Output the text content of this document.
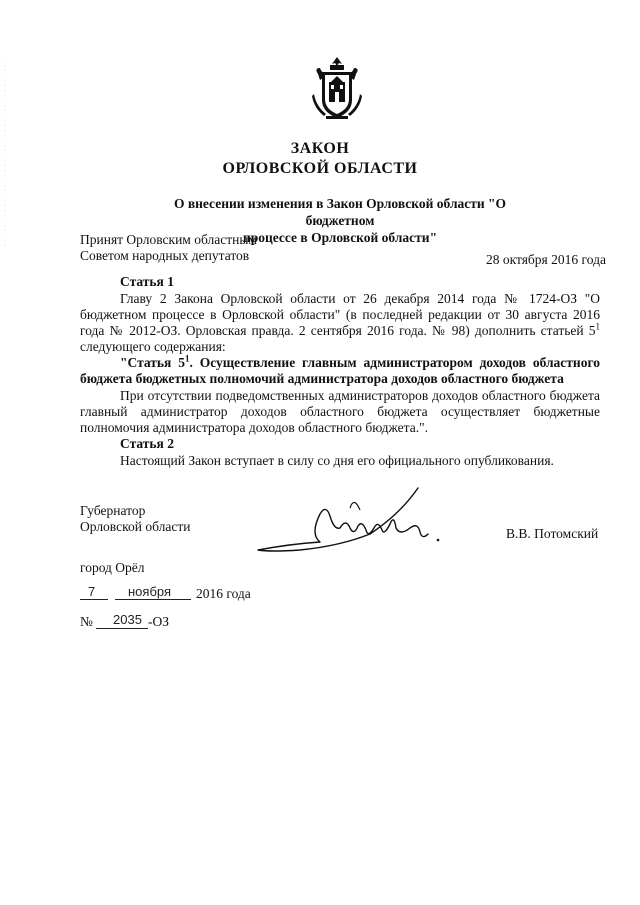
ЗАКОН
ОРЛОВСКОЙ ОБЛАСТИ
О внесении изменения в Закон Орловской области "О бюджетном
процессе в Орловской области"
Принят Орловским областным
Советом народных депутатов	28 октября 2016 года
Статья 1
Главу 2 Закона Орловской области от 26 декабря 2014 года № 1724-ОЗ "О бюджетном процессе в Орловской области" (в последней редакции от 30 августа 2016 года № 2012-ОЗ. Орловская правда. 2 сентября 2016 года. № 98) дополнить статьей $5^1$ следующего содержания:
"Статья $5^1$. Осуществление главным администратором доходов областного бюджета бюджетных полномочий администратора доходов областного бюджета
При отсутствии подведомственных администраторов доходов областного бюджета главный администратор доходов областного бюджета осуществляет бюджетные полномочия администратора доходов областного бюджета.".
Статья 2
Настоящий Закон вступает в силу со дня его официального опубликования.
Губернатор
Орловской области	В.В. Потомский
город Орёл
7	ноября 2016 года
№ 2035 -ОЗ
